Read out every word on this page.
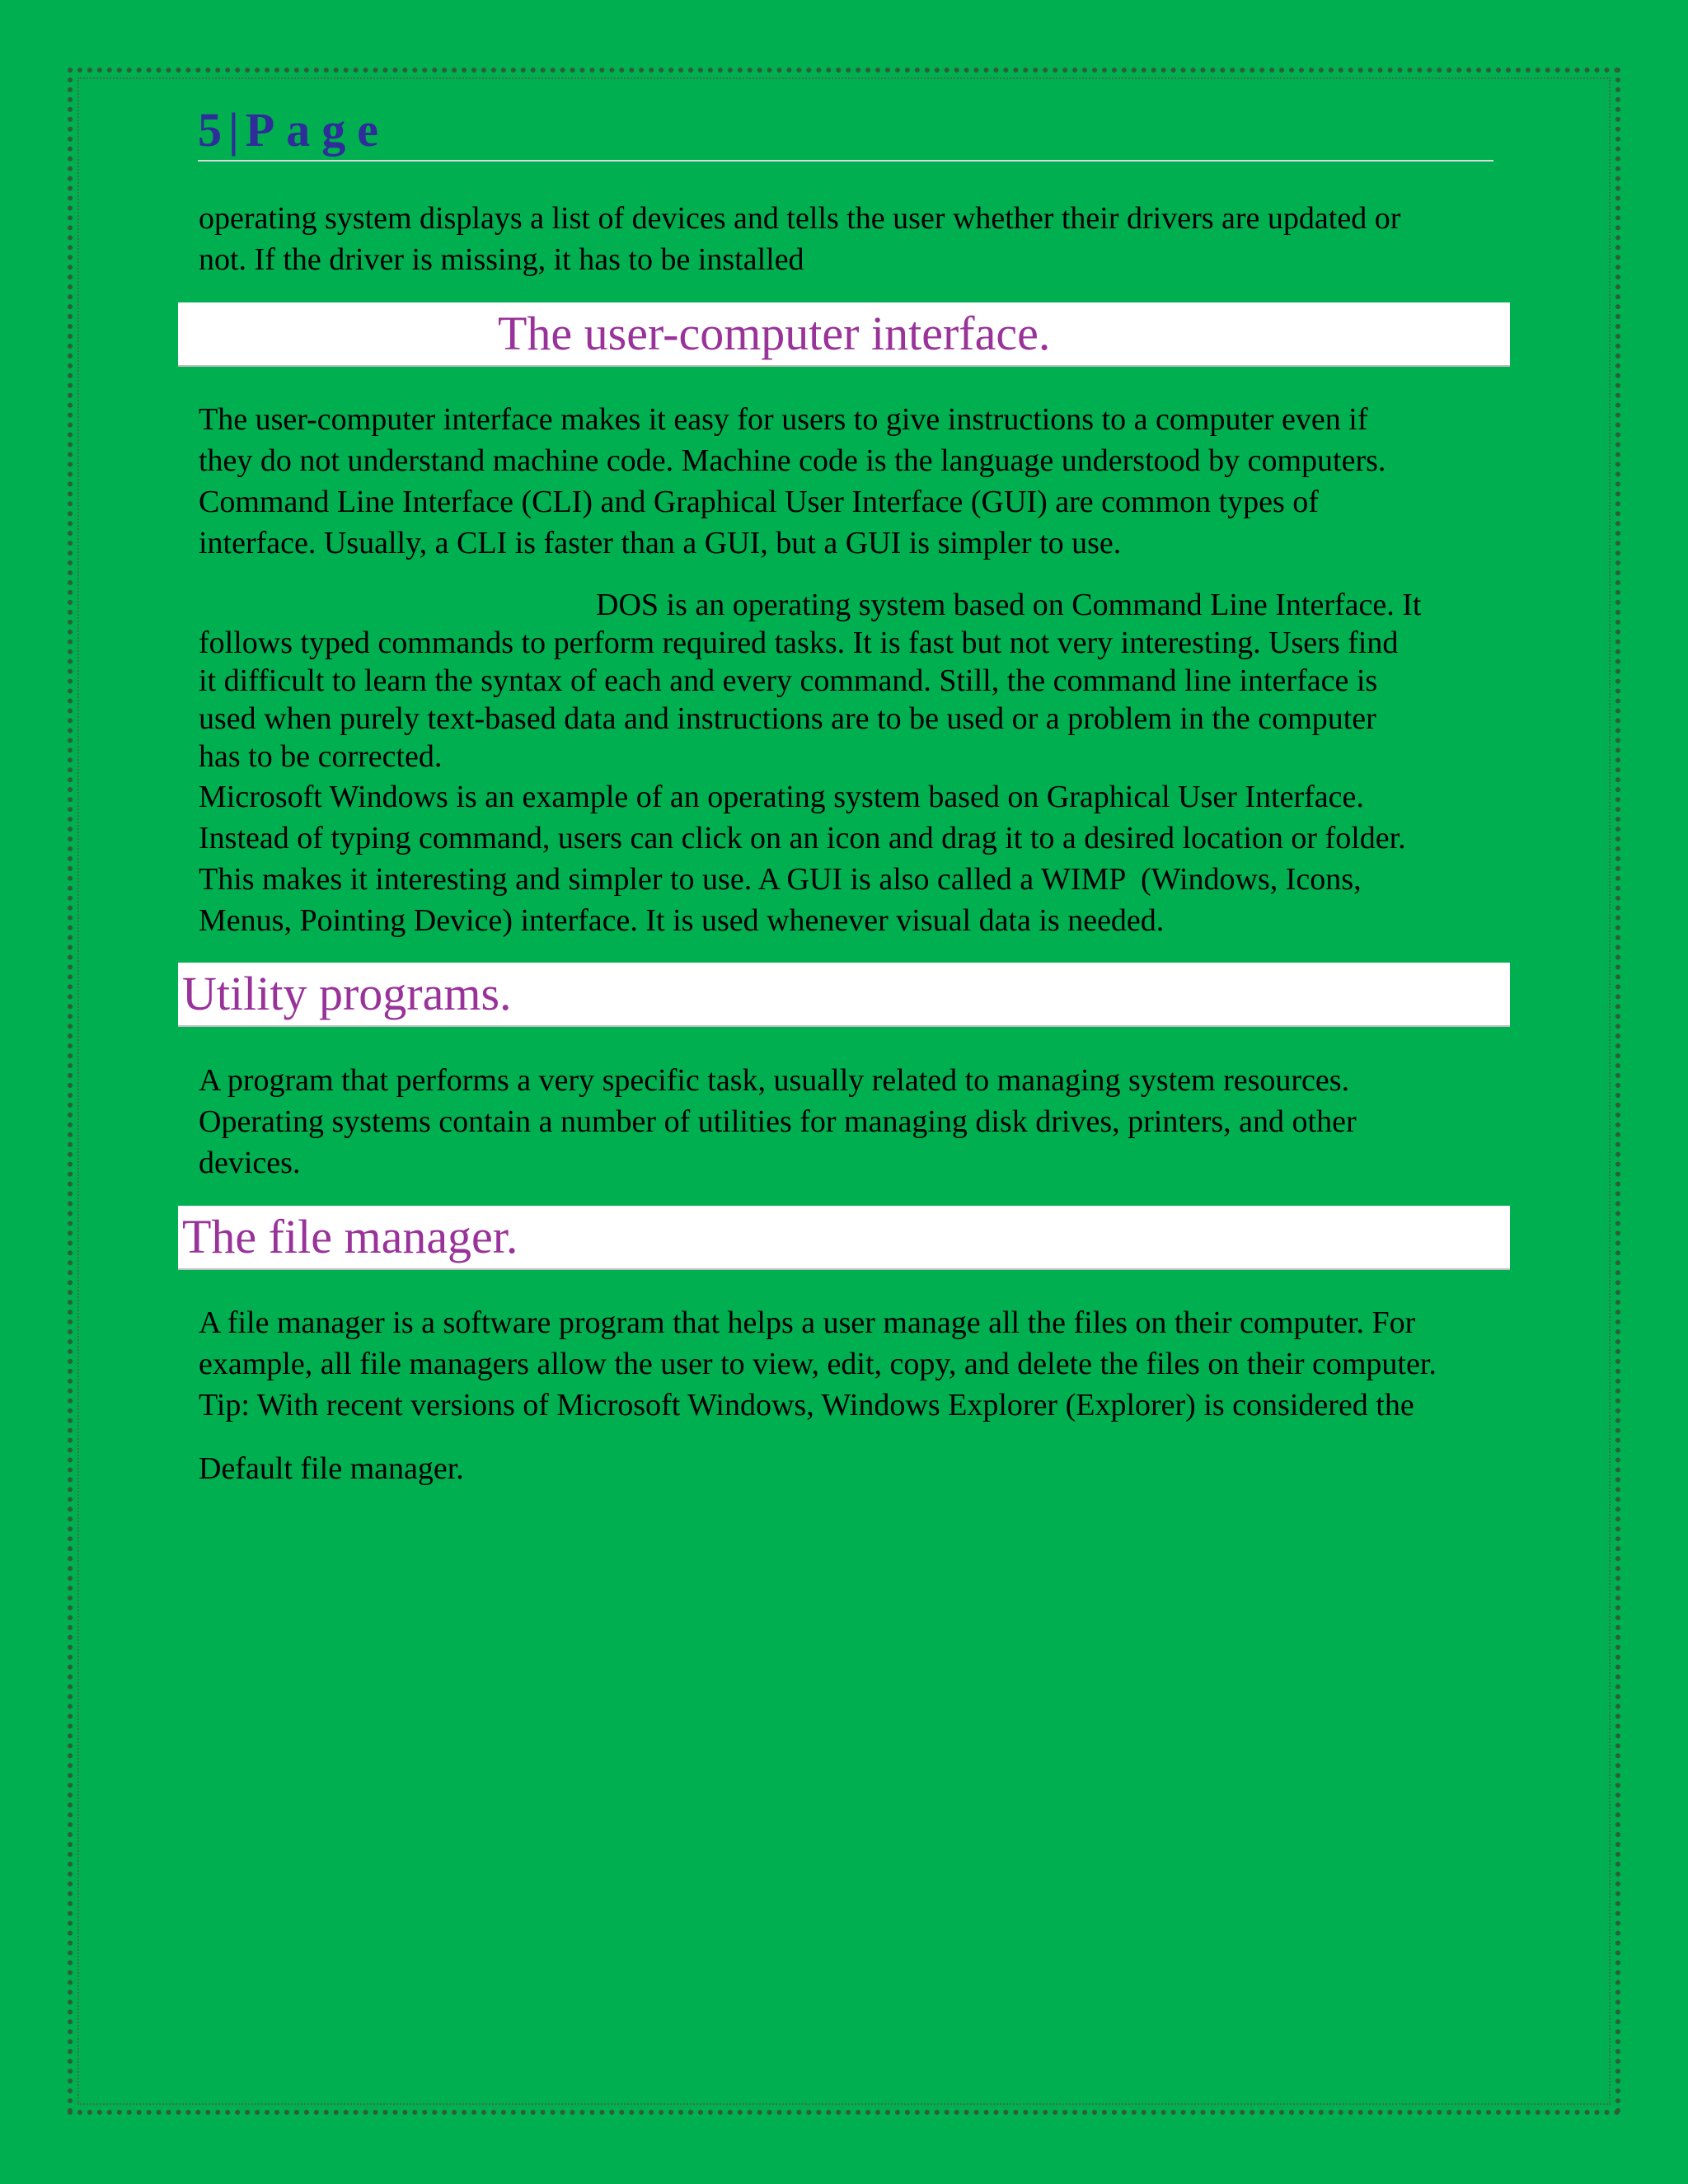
5 | Page

operating system displays a list of devices and tells the user whether their drivers are updated or
not. If the driver is missing, it has to be installed

The user-computer interface.

The user-computer interface makes it easy for users to give instructions to a computer even if
they do not understand machine code. Machine code is the language understood by computers.
Command Line Interface (CLI) and Graphical User Interface (GUI) are common types of
interface. Usually, a CLI is faster than a GUI, but a GUI is simpler to use.

DOS is an operating system based on Command Line Interface. It
follows typed commands to perform required tasks. It is fast but not very interesting. Users find
it difficult to learn the syntax of each and every command. Still, the command line interface is
used when purely text-based data and instructions are to be used or a problem in the computer
has to be corrected.

Microsoft Windows is an example of an operating system based on Graphical User Interface.
Instead of typing command, users can click on an icon and drag it to a desired location or folder.
This makes it interesting and simpler to use. A GUI is also called a WIMP  (Windows, Icons,
Menus, Pointing Device) interface. It is used whenever visual data is needed.

Utility programs.

A program that performs a very specific task, usually related to managing system resources.
Operating systems contain a number of utilities for managing disk drives, printers, and other
devices.

The file manager.

A file manager is a software program that helps a user manage all the files on their computer. For
example, all file managers allow the user to view, edit, copy, and delete the files on their computer.
Tip: With recent versions of Microsoft Windows, Windows Explorer (Explorer) is considered the

Default file manager.
